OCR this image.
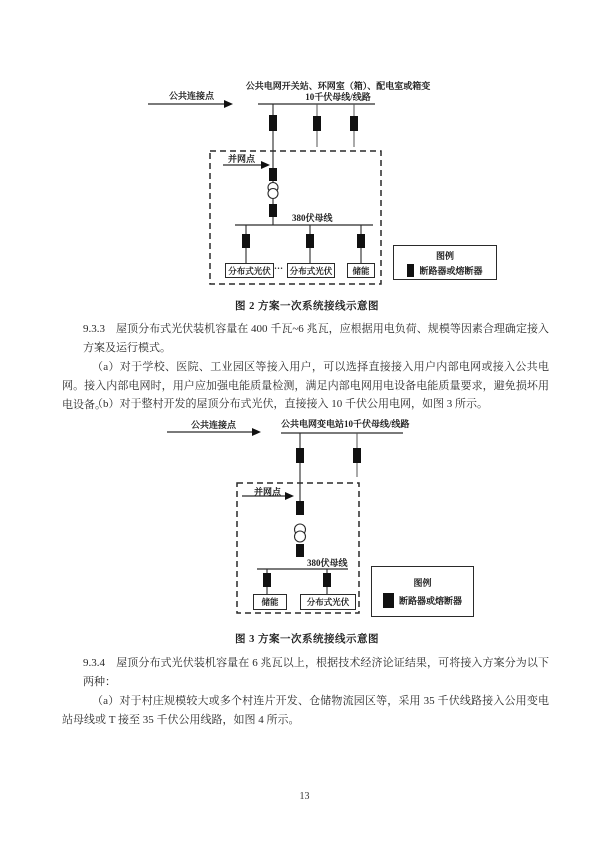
公共连接点
公共电网开关站、环网室（箱）、配电室或箱变
10千伏母线/线路
并网点
380伏母线
分布式光伏 … 分布式光伏	储能
图例
断路器或熔断器
图 2 方案一次系统接线示意图
9.3.3　屋顶分布式光伏装机容量在 400 千瓦~6 兆瓦，应根据用电负荷、规模等因素合理确定接入方案及运行模式。
（a）对于学校、医院、工业园区等接入用户，可以选择直接接入用户内部电网或接入公共电网。接入内部电网时，用户应加强电能质量检测，满足内部电网用电设备电能质量要求，避免损坏用电设备。
（b）对于整村开发的屋顶分布式光伏，直接接入 10 千伏公用电网，如图 3 所示。
公共连接点	公共电网变电站10千伏母线/线路
并网点
380伏母线
储能	分布式光伏
图例
断路器或熔断器
图 3 方案一次系统接线示意图
9.3.4　屋顶分布式光伏装机容量在 6 兆瓦以上，根据技术经济论证结果，可将接入方案分为以下两种：
（a）对于村庄规模较大或多个村连片开发、仓储物流园区等，采用 35 千伏线路接入公用变电站母线或 T 接至 35 千伏公用线路，如图 4 所示。
13
